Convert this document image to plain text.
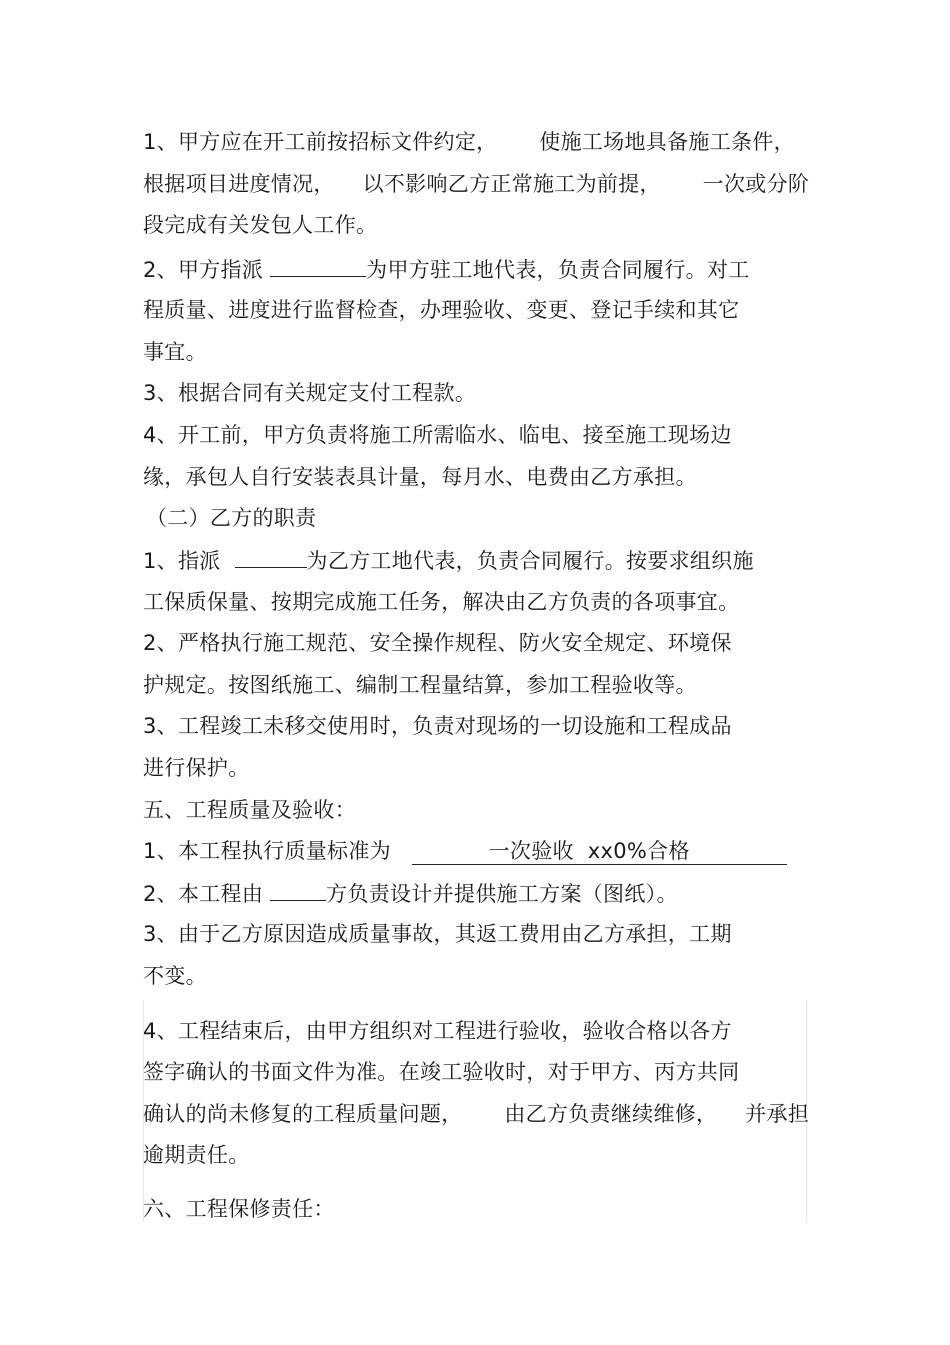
1、甲方应在开工前按招标文件约定，      使施工场地具备施工条件，

根据项目进度情况，    以不影响乙方正常施工为前提，      一次或分阶

段完成有关发包人工作。

2、甲方指派	为甲方驻工地代表，负责合同履行。对工

程质量、进度进行监督检查，办理验收、变更、登记手续和其它

事宜。

3、根据合同有关规定支付工程款。

4、开工前，甲方负责将施工所需临水、临电、接至施工现场边

缘，承包人自行安装表具计量，每月水、电费由乙方承担。

（二）乙方的职责

1、指派	为乙方工地代表，负责合同履行。按要求组织施

工保质保量、按期完成施工任务，解决由乙方负责的各项事宜。

2、严格执行施工规范、安全操作规程、防火安全规定、环境保

护规定。按图纸施工、编制工程量结算，参加工程验收等。

3、工程竣工未移交使用时，负责对现场的一切设施和工程成品

进行保护。

五、工程质量及验收：

1、本工程执行质量标准为              一次验收  xx0%合格

2、本工程由	方负责设计并提供施工方案（图纸）。

3、由于乙方原因造成质量事故，其返工费用由乙方承担，工期

不变。

4、工程结束后，由甲方组织对工程进行验收，验收合格以各方

签字确认的书面文件为准。在竣工验收时，对于甲方、丙方共同

确认的尚未修复的工程质量问题，      由乙方负责继续维修，    并承担

逾期责任。

六、工程保修责任：
